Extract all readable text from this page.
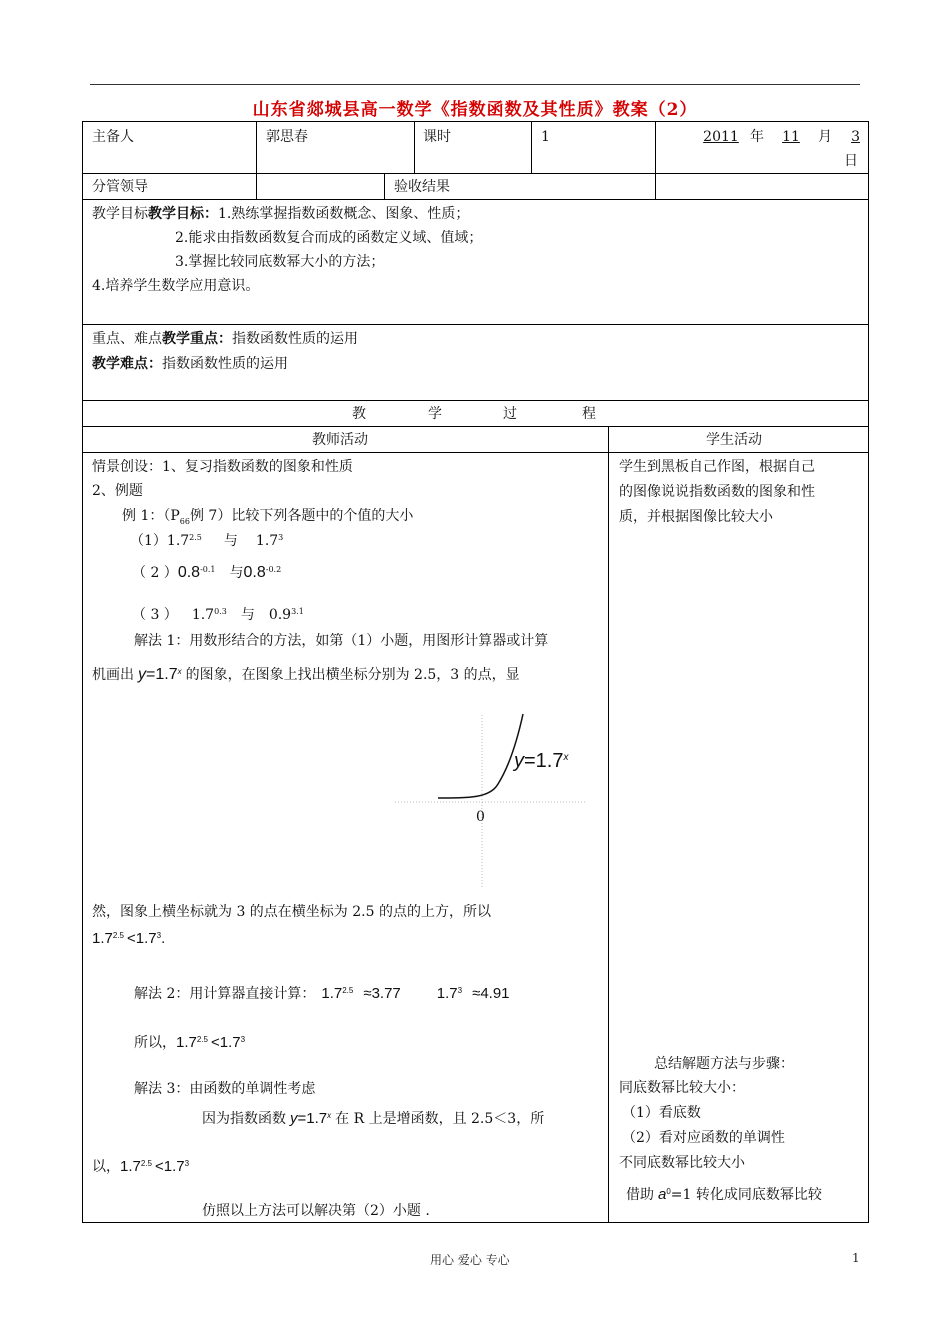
山东省郯城县高一数学《指数函数及其性质》教案（2）
主备人	郭思春	课时	1	2011 年 11 月 3
日
分管领导	验收结果
教学目标教学目标：1.熟练掌握指数函数概念、图象、性质；
2.能求由指数函数复合而成的函数定义域、值域；
3.掌握比较同底数幂大小的方法；
4.培养学生数学应用意识。
重点、难点教学重点：指数函数性质的运用
教学难点：指数函数性质的运用
教	学	过	程
教师活动	学生活动
情景创设：1、复习指数函数的图象和性质
2、例题
例 1：（$P_{66}$例 7）比较下列各题中的个值的大小
$(1)1.7^{2.5}$ 与 $1.7^3$
（ 2 ）$0.8^{-0.1}$ 与$0.8^{-0.2}$
（ 3 ） $1.7^{0.3}$ 与 $0.9^{3.1}$
解法 1：用数形结合的方法，如第（1）小题，用图形计算器或计算
机画出 $y=1.7^x$ 的图象，在图象上找出横坐标分别为 2.5，3 的点，显
$y=1.7^x$
0
然，图象上横坐标就为 3 的点在横坐标为 2.5 的点的上方，所以
$1.7^{2.5} <1.7^3$.
解法 2：用计算器直接计算： $1.7^{2.5} \approx 3.77$ $1.7^3 \approx 4.91$
所以，$1.7^{2.5} <1.7^3$
解法 3：由函数的单调性考虑
因为指数函数 $y=1.7^x$ 在 R 上是增函数，且 2.5＜3，所
以，$1.7^{2.5} <1.7^3$
仿照以上方法可以解决第（2）小题 .
学生到黑板自己作图，根据自己
的图像说说指数函数的图象和性
质，并根据图像比较大小
总结解题方法与步骤：
同底数幂比较大小：
（1）看底数
（2）看对应函数的单调性
不同底数幂比较大小
借助 $a^0=1$ 转化成同底数幂比较
用心 爱心 专心	1
